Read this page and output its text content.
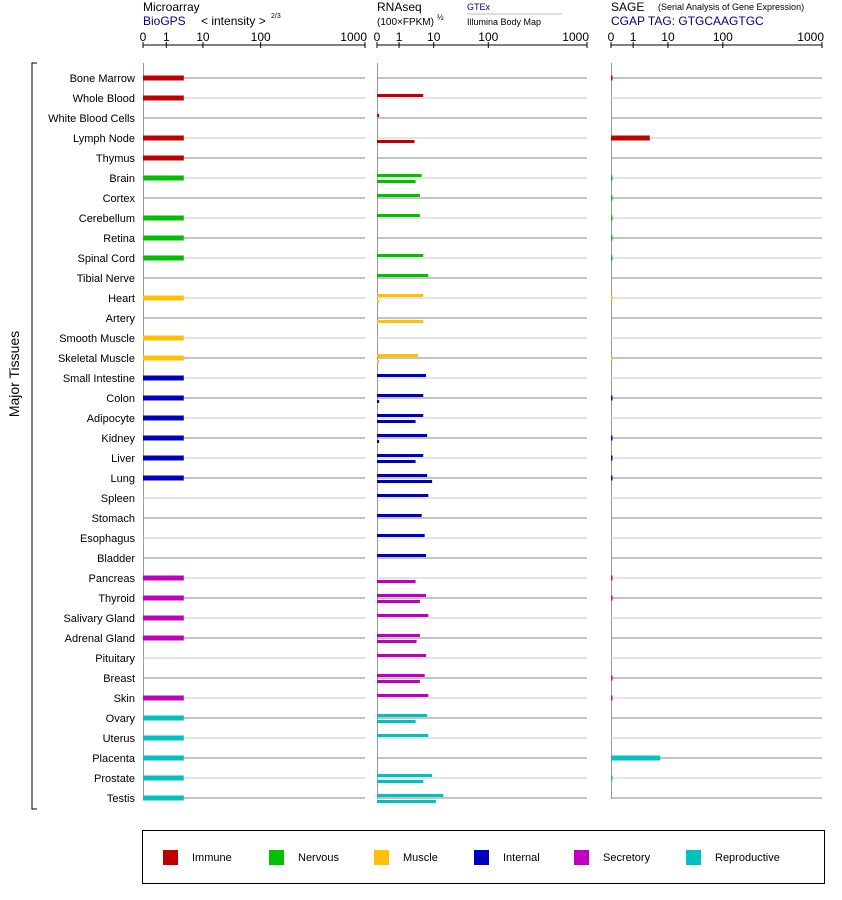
Microarray
BioGPS < intensity > 2/3
RNAseq
(100×FPKM) ½
GTEx
Illumina Body Map
SAGE (Serial Analysis of Gene Expression)
CGAP TAG: GTGCAAGTGC
0 1 10	100	1000 0 1 10	100	1000 0 1 10	100	1000
Bone Marrow
Whole Blood
White Blood Cells
Lymph Node
Thymus
Brain
Cortex
Cerebellum
Retina
Spinal Cord
Tibial Nerve
Heart
Artery
Smooth Muscle
Skeletal Muscle
Small Intestine
Colon
Adipocyte
Kidney
Liver
Lung
Spleen
Stomach
Esophagus
Bladder
Pancreas
Thyroid
Salivary Gland
Adrenal Gland
Pituitary
Breast
Skin
Ovary
Uterus
Placenta
Prostate
Testis
Major Tissues
Immune	Nervous	Muscle	Internal	Secretory	Reproductive
